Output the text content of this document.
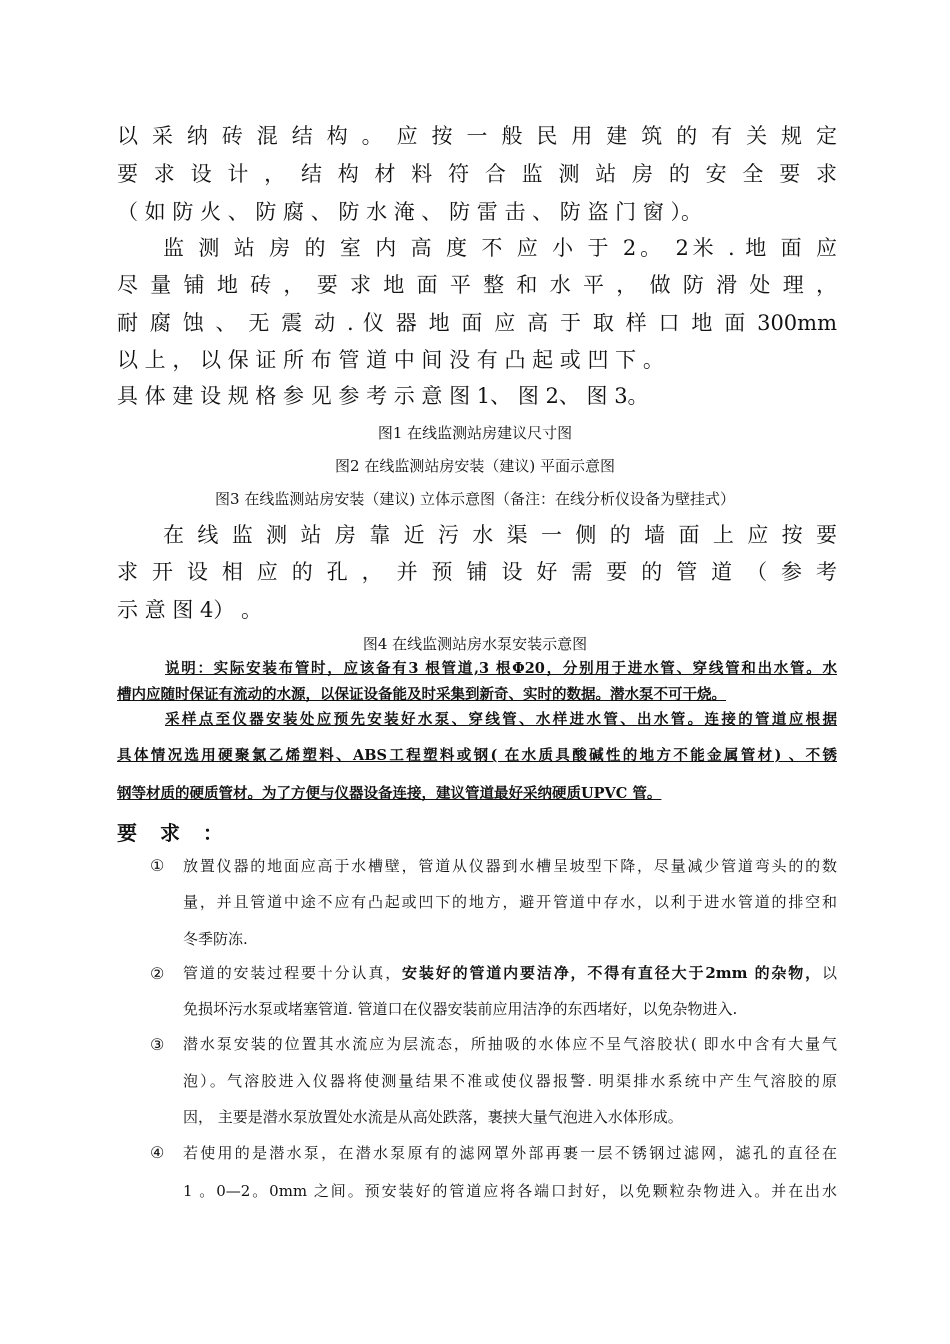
以 采 纳 砖 混 结 构 。 应 按 一 般 民 用 建 筑 的 有 关 规 定

要 求 设 计 ， 结 构 材 料 符 合 监 测 站 房 的 安 全 要 求

（ 如 防 火 、 防 腐 、 防 水 淹 、 防 雷 击 、 防 盗 门 窗 ）。

监 测 站 房 的 室 内 高 度 不 应 小 于 2。 2米 . 地 面 应

尽 量 铺 地 砖 ， 要 求 地 面 平 整 和 水 平 ， 做 防 滑 处 理 ，

耐 腐 蚀 、 无 震 动 . 仪 器 地 面 应 高 于 取 样 口 地 面 300mm

以 上 ， 以 保 证 所 布 管 道 中 间 没 有 凸 起 或 凹 下 。

具 体 建 设 规 格 参 见 参 考 示 意 图 1、 图 2、 图 3。

图1 在线监测站房建议尺寸图

图2 在线监测站房安装（建议) 平面示意图

图3 在线监测站房安装（建议) 立体示意图（备注：在线分析仪设备为壁挂式）

在 线 监 测 站 房 靠 近 污 水 渠 一 侧 的 墙 面 上 应 按 要

求 开 设 相 应 的 孔 ， 并 预 铺 设 好 需 要 的 管 道 （ 参 考

示 意 图 4） 。

图4 在线监测站房水泵安装示意图

说明：实际安装布管时，应该备有3 根管道,3 根Φ20，分别用于进水管、穿线管和出水管。水

槽内应随时保证有流动的水源，以保证设备能及时采集到新奇、实时的数据。潜水泵不可干烧。

采样点至仪器安装处应预先安装好水泵、穿线管、水样进水管、出水管。连接的管道应根据

具体情况选用硬聚氯乙烯塑料、ABS工程塑料或钢( 在水质具酸碱性的地方不能金属管材) 、不锈

钢等材质的硬质管材。为了方便与仪器设备连接，建议管道最好采纳硬质UPVC 管。

要 求 ：

① 放置仪器的地面应高于水槽壁，管道从仪器到水槽呈坡型下降，尽量减少管道弯头的的数

量，并且管道中途不应有凸起或凹下的地方，避开管道中存水，以利于进水管道的排空和

冬季防冻.

② 管道的安装过程要十分认真，安装好的管道内要洁净，不得有直径大于2mm 的杂物，以

免损坏污水泵或堵塞管道. 管道口在仪器安装前应用洁净的东西堵好，以免杂物进入.

③ 潜水泵安装的位置其水流应为层流态，所抽吸的水体应不呈气溶胶状( 即水中含有大量气

泡）。气溶胶进入仪器将使测量结果不准或使仪器报警. 明渠排水系统中产生气溶胶的原

因， 主要是潜水泵放置处水流是从高处跌落，裹挟大量气泡进入水体形成。

④ 若使用的是潜水泵，在潜水泵原有的滤网罩外部再裹一层不锈钢过滤网，滤孔的直径在

1 。0—2。0mm 之间。预安装好的管道应将各端口封好，以免颗粒杂物进入。并在出水
